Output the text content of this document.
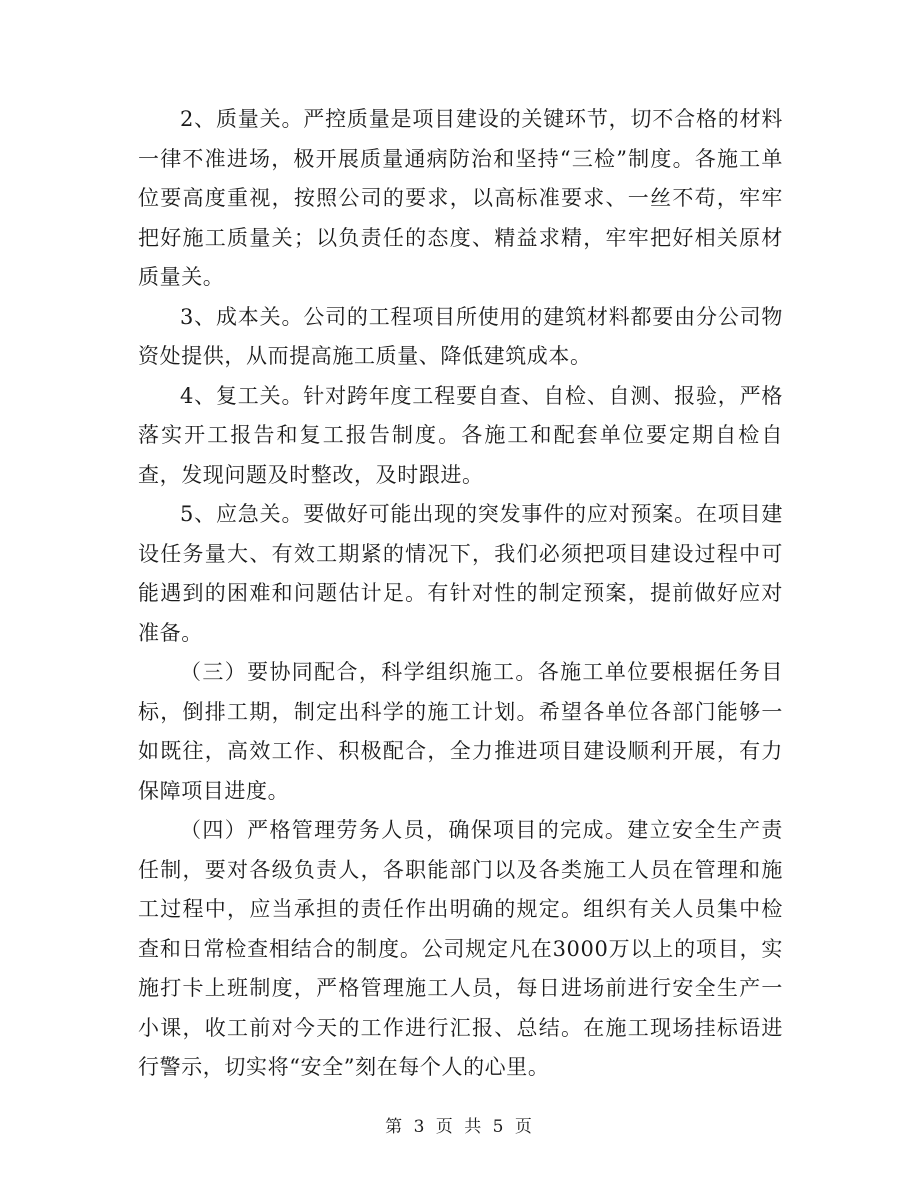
2、质量关。严控质量是项目建设的关键环节，切不合格的材料一律不准进场，极开展质量通病防治和坚持“三检”制度。各施工单位要高度重视，按照公司的要求，以高标准要求、一丝不苟，牢牢把好施工质量关；以负责任的态度、精益求精，牢牢把好相关原材质量关。

3、成本关。公司的工程项目所使用的建筑材料都要由分公司物资处提供，从而提高施工质量、降低建筑成本。

4、复工关。针对跨年度工程要自查、自检、自测、报验，严格落实开工报告和复工报告制度。各施工和配套单位要定期自检自查，发现问题及时整改，及时跟进。

5、应急关。要做好可能出现的突发事件的应对预案。在项目建设任务量大、有效工期紧的情况下，我们必须把项目建设过程中可能遇到的困难和问题估计足。有针对性的制定预案，提前做好应对准备。

（三）要协同配合，科学组织施工。各施工单位要根据任务目标，倒排工期，制定出科学的施工计划。希望各单位各部门能够一如既往，高效工作、积极配合，全力推进项目建设顺利开展，有力保障项目进度。

（四）严格管理劳务人员，确保项目的完成。建立安全生产责任制，要对各级负责人，各职能部门以及各类施工人员在管理和施工过程中，应当承担的责任作出明确的规定。组织有关人员集中检查和日常检查相结合的制度。公司规定凡在3000万以上的项目，实施打卡上班制度，严格管理施工人员，每日进场前进行安全生产一小课，收工前对今天的工作进行汇报、总结。在施工现场挂标语进行警示，切实将“安全”刻在每个人的心里。

第 3 页 共 5 页
